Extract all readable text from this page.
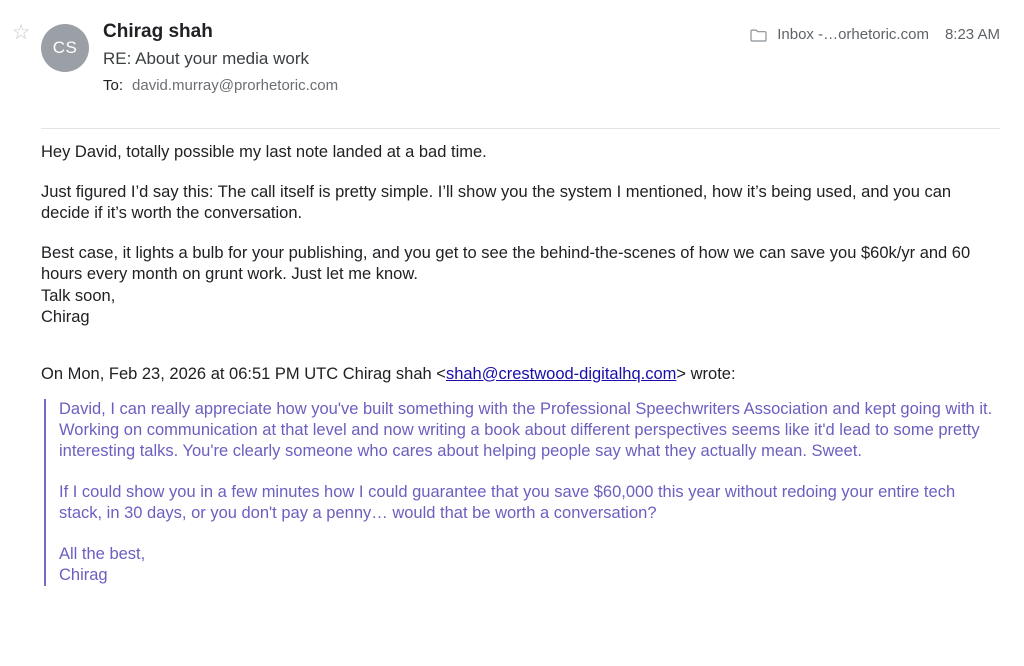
☆
CS
Chirag shah
RE: About your media work
To: david.murray@prorhetoric.com
Inbox -…orhetoric.com 8:23 AM

Hey David, totally possible my last note landed at a bad time.

Just figured I’d say this: The call itself is pretty simple. I’ll show you the system I mentioned, how it’s being used, and you can decide if it’s worth the conversation.

Best case, it lights a bulb for your publishing, and you get to see the behind-the-scenes of how we can save you $60k/yr and 60 hours every month on grunt work. Just let me know.

Talk soon,
Chirag
On Mon, Feb 23, 2026 at 06:51 PM UTC Chirag shah <shah@crestwood-digitalhq.com> wrote:

David, I can really appreciate how you've built something with the Professional Speechwriters Association and kept going with it. Working on communication at that level and now writing a book about different perspectives seems like it'd lead to some pretty interesting talks. You're clearly someone who cares about helping people say what they actually mean. Sweet.

If I could show you in a few minutes how I could guarantee that you save $60,000 this year without redoing your entire tech stack, in 30 days, or you don't pay a penny… would that be worth a conversation?

All the best,

Chirag
